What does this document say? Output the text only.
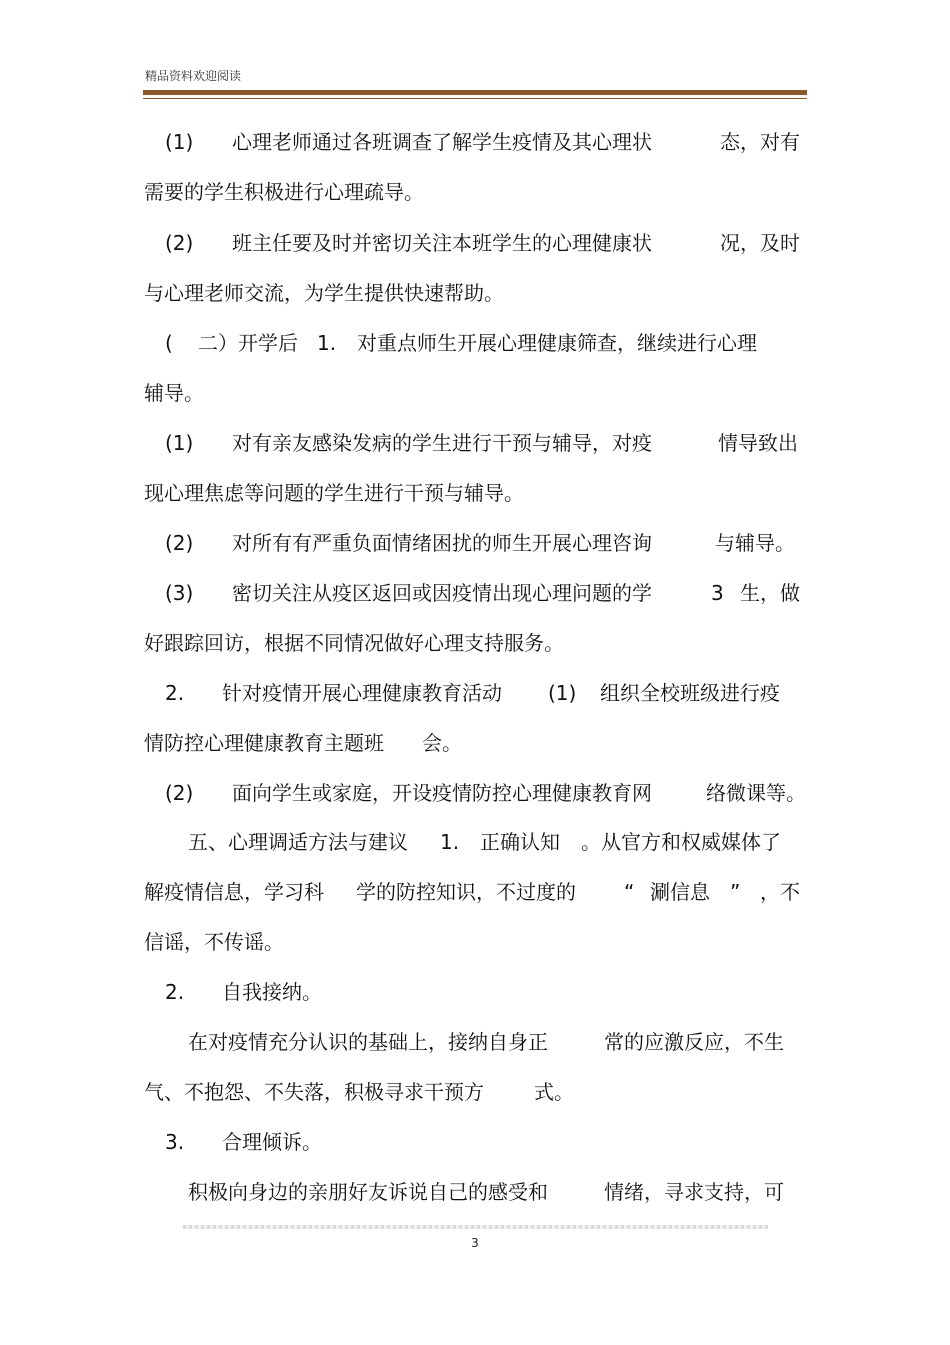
精品资料欢迎阅读

(1)

心理老师通过各班调查了解学生疫情及其心理状

	态，对有

需要的学生积极进行心理疏导。

(2)

班主任要及时并密切关注本班学生的心理健康状

	况，及时

与心理老师交流，为学生提供快速帮助。

(

二）开学后

1.

对重点师生开展心理健康筛查，继续进行心理

辅导。

(1)

对有亲友感染发病的学生进行干预与辅导，对疫

	情导致出

现心理焦虑等问题的学生进行干预与辅导。

(2)

对所有有严重负面情绪困扰的师生开展心理咨询

	与辅导。

(3)

密切关注从疫区返回或因疫情出现心理问题的学

	3

生，做

好跟踪回访，根据不同情况做好心理支持服务。

2.

针对疫情开展心理健康教育活动

(1)

组织全校班级进行疫

情防控心理健康教育主题班

会。

(2)

面向学生或家庭，开设疫情防控心理健康教育网

	络微课等。

五、心理调适方法与建议

1.

正确认知

。从官方和权威媒体了

解疫情信息，学习科

学的防控知识，不过度的

“

涮信息

”

，不

信谣，不传谣。

2.

自我接纳。

在对疫情充分认识的基础上，接纳自身正

	常的应激反应，不生

气、不抱怨、不失落，积极寻求干预方

	式。

3.

合理倾诉。

积极向身边的亲朋好友诉说自己的感受和

	情绪，寻求支持，可

3
